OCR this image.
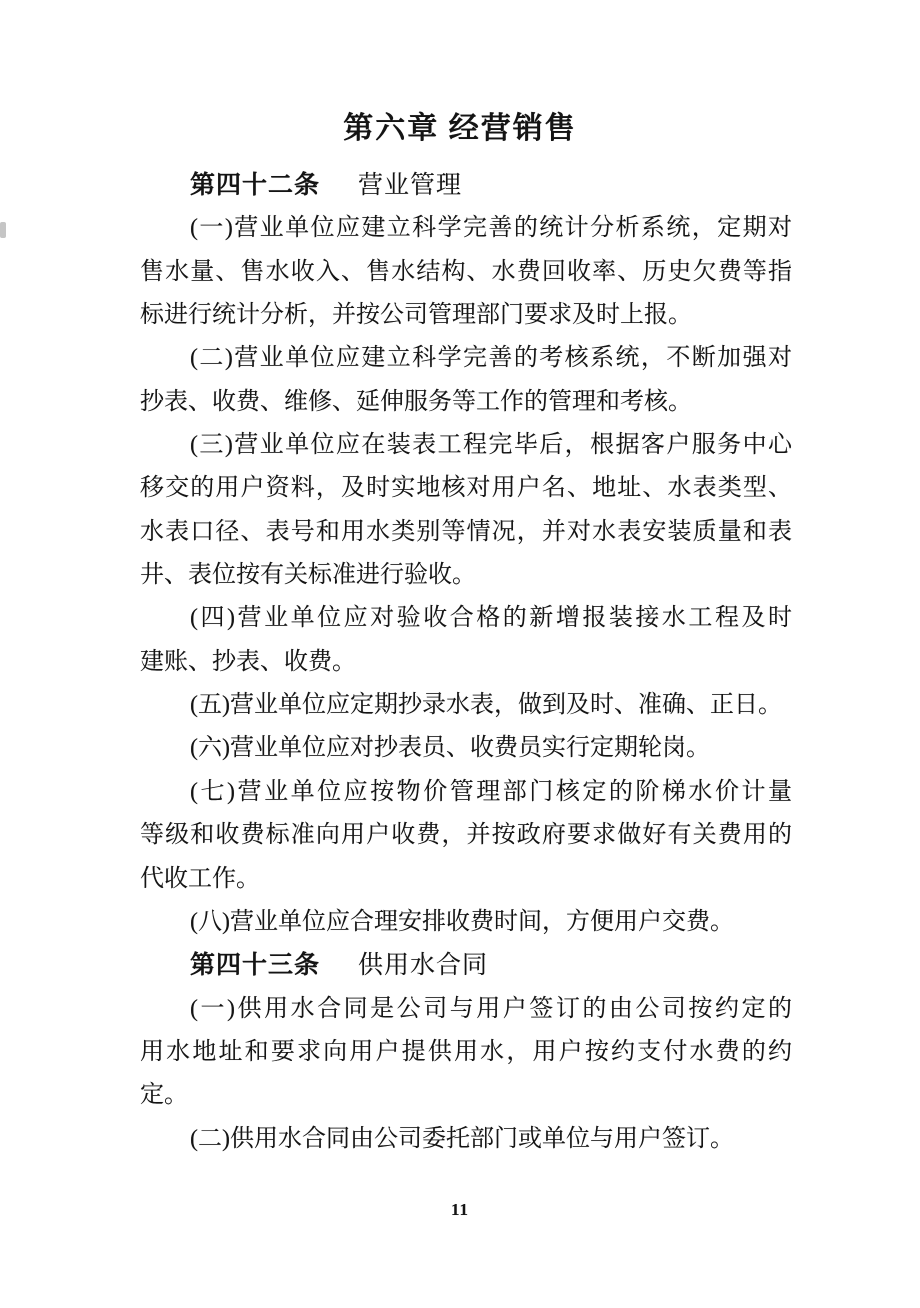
第六章 经营销售
第四十二条 营业管理
(一)营业单位应建立科学完善的统计分析系统，定期对
售水量、售水收入、售水结构、水费回收率、历史欠费等指
标进行统计分析，并按公司管理部门要求及时上报。
(二)营业单位应建立科学完善的考核系统，不断加强对
抄表、收费、维修、延伸服务等工作的管理和考核。
(三)营业单位应在装表工程完毕后，根据客户服务中心
移交的用户资料，及时实地核对用户名、地址、水表类型、
水表口径、表号和用水类别等情况，并对水表安装质量和表
井、表位按有关标准进行验收。
(四)营业单位应对验收合格的新增报装接水工程及时
建账、抄表、收费。
(五)营业单位应定期抄录水表，做到及时、准确、正日。
(六)营业单位应对抄表员、收费员实行定期轮岗。
(七)营业单位应按物价管理部门核定的阶梯水价计量
等级和收费标准向用户收费，并按政府要求做好有关费用的
代收工作。
(八)营业单位应合理安排收费时间，方便用户交费。
第四十三条 供用水合同
(一)供用水合同是公司与用户签订的由公司按约定的
用水地址和要求向用户提供用水，用户按约支付水费的约
定。
(二)供用水合同由公司委托部门或单位与用户签订。
11
